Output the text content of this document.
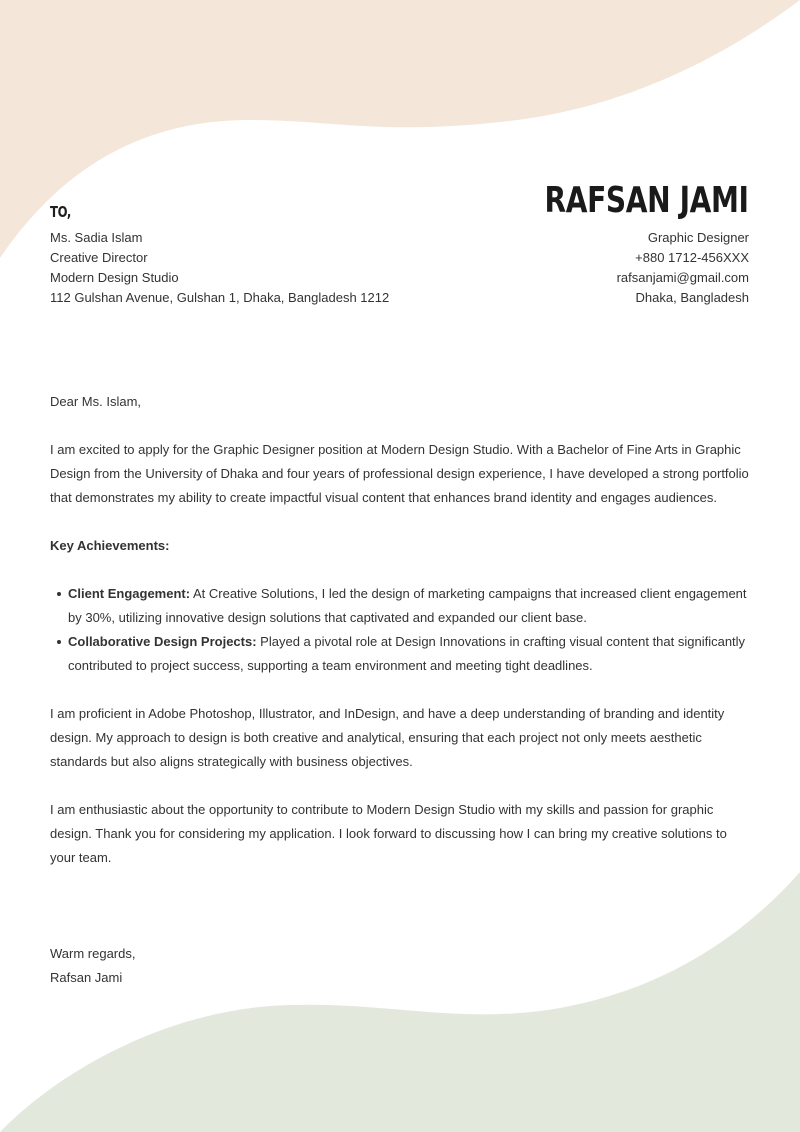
TO,
Ms. Sadia Islam
Creative Director
Modern Design Studio
112 Gulshan Avenue, Gulshan 1, Dhaka, Bangladesh 1212
RAFSAN JAMI
Graphic Designer
+880 1712-456XXX
rafsanjami@gmail.com
Dhaka, Bangladesh

Dear Ms. Islam,

I am excited to apply for the Graphic Designer position at Modern Design Studio. With a Bachelor of Fine Arts in Graphic Design from the University of Dhaka and four years of professional design experience, I have developed a strong portfolio that demonstrates my ability to create impactful visual content that enhances brand identity and engages audiences.

Key Achievements:

Client Engagement: At Creative Solutions, I led the design of marketing campaigns that increased client engagement by 30%, utilizing innovative design solutions that captivated and expanded our client base.
Collaborative Design Projects: Played a pivotal role at Design Innovations in crafting visual content that significantly contributed to project success, supporting a team environment and meeting tight deadlines.

I am proficient in Adobe Photoshop, Illustrator, and InDesign, and have a deep understanding of branding and identity design. My approach to design is both creative and analytical, ensuring that each project not only meets aesthetic standards but also aligns strategically with business objectives.

I am enthusiastic about the opportunity to contribute to Modern Design Studio with my skills and passion for graphic design. Thank you for considering my application. I look forward to discussing how I can bring my creative solutions to your team.

Warm regards,
Rafsan Jami
